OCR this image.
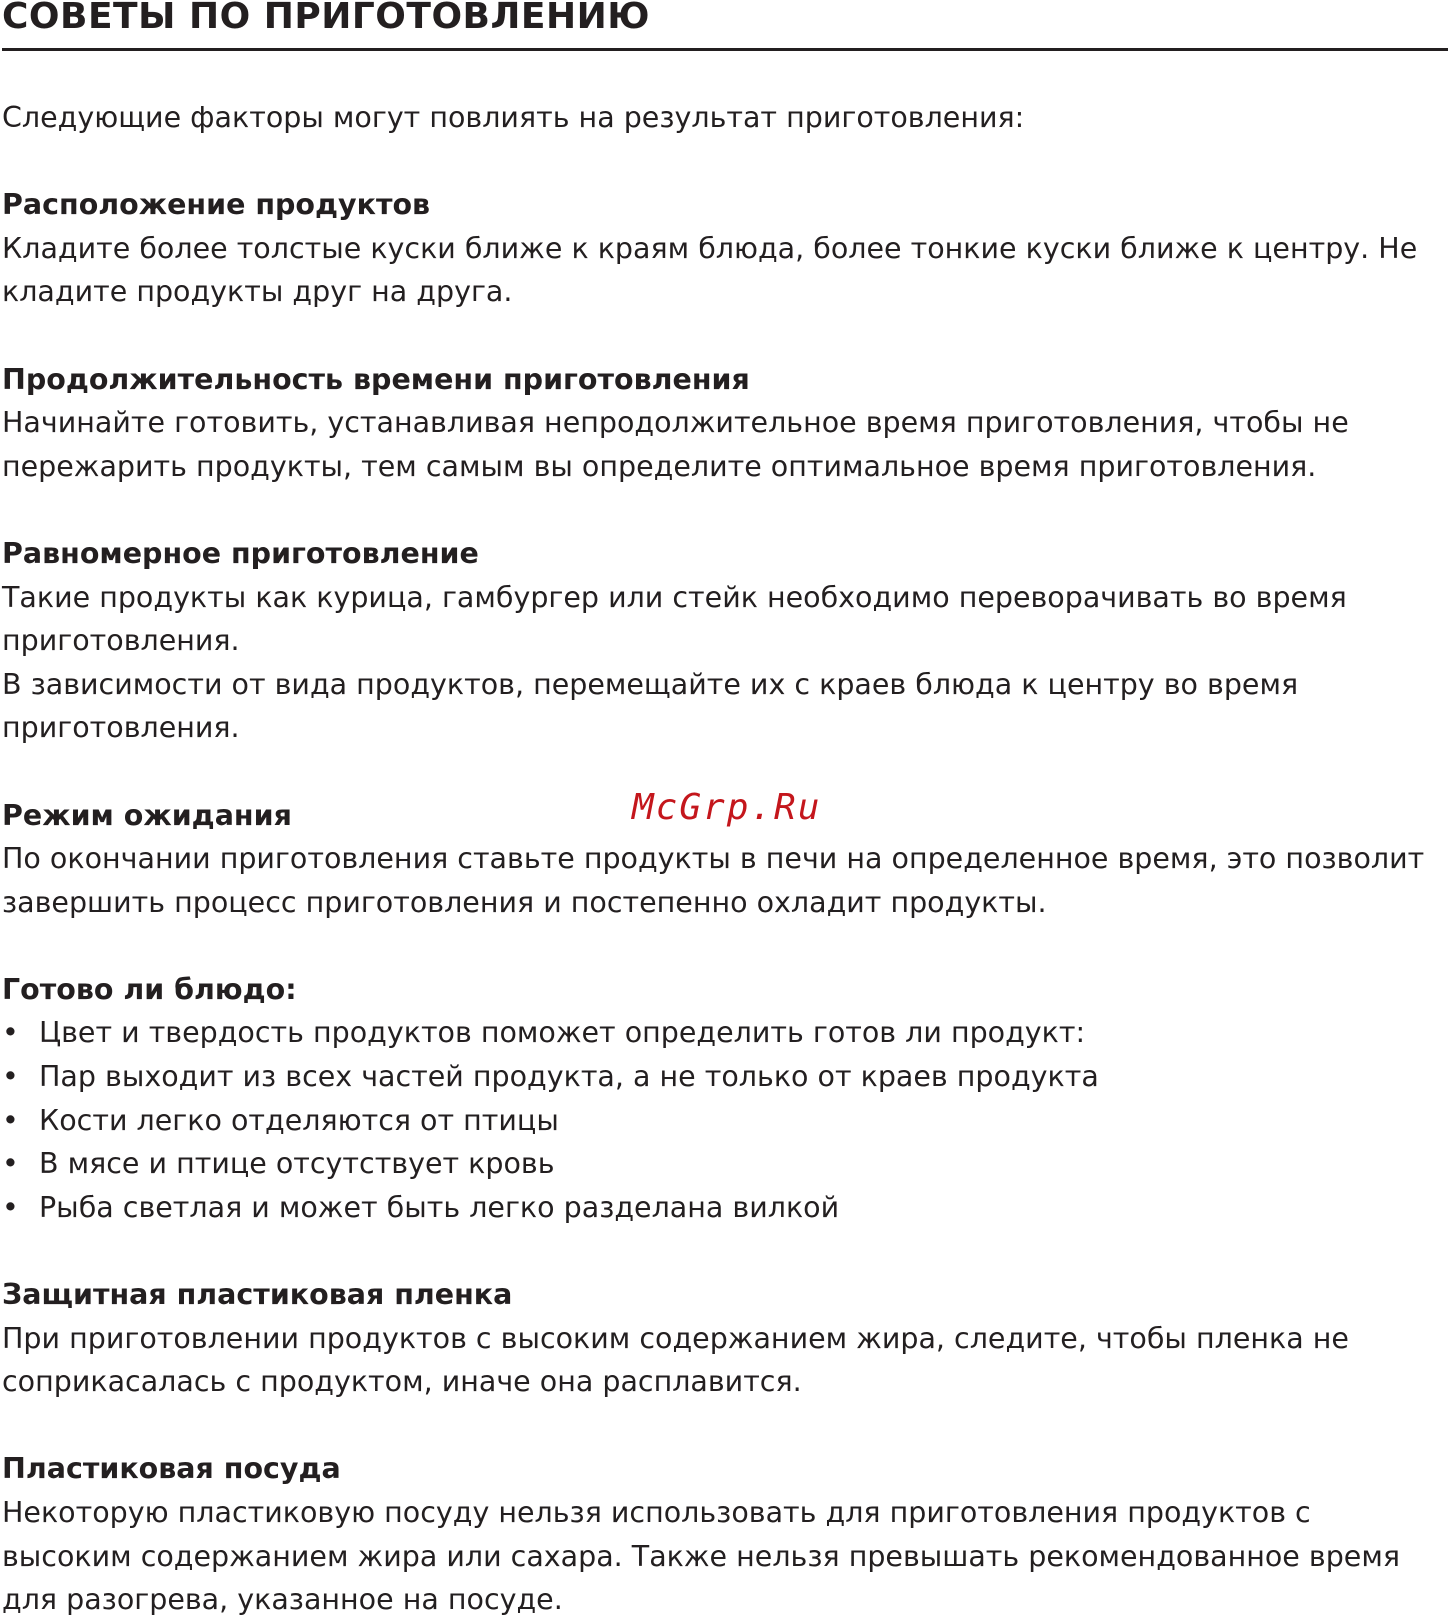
СОВЕТЫ ПО ПРИГОТОВЛЕНИЮ

Следующие факторы могут повлиять на результат приготовления:

Расположение продуктов

Кладите более толстые куски ближе к краям блюда, более тонкие куски ближе к центру. Не кладите продукты друг на друга.

Продолжительность времени приготовления

Начинайте готовить, устанавливая непродолжительное время приготовления, чтобы не пережарить продукты, тем самым вы определите оптимальное время приготовления.

Равномерное приготовление

Такие продукты как курица, гамбургер или стейк необходимо переворачивать во время приготовления.

В зависимости от вида продуктов, перемещайте их с краев блюда к центру во время приготовления.

Режим ожидания

По окончании приготовления ставьте продукты в печи на определенное время, это позволит завершить процесс приготовления и постепенно охладит продукты.

Готово ли блюдо:

• Цвет и твердость продуктов поможет определить готов ли продукт:
• Пар выходит из всех частей продукта, а не только от краев продукта
• Кости легко отделяются от птицы
• В мясе и птице отсутствует кровь
• Рыба светлая и может быть легко разделана вилкой

Защитная пластиковая пленка

При приготовлении продуктов с высоким содержанием жира, следите, чтобы пленка не соприкасалась с продуктом, иначе она расплавится.

Пластиковая посуда

Некоторую пластиковую посуду нельзя использовать для приготовления продуктов с высоким содержанием жира или сахара. Также нельзя превышать рекомендованное время для разогрева, указанное на посуде.

McGrp.Ru
